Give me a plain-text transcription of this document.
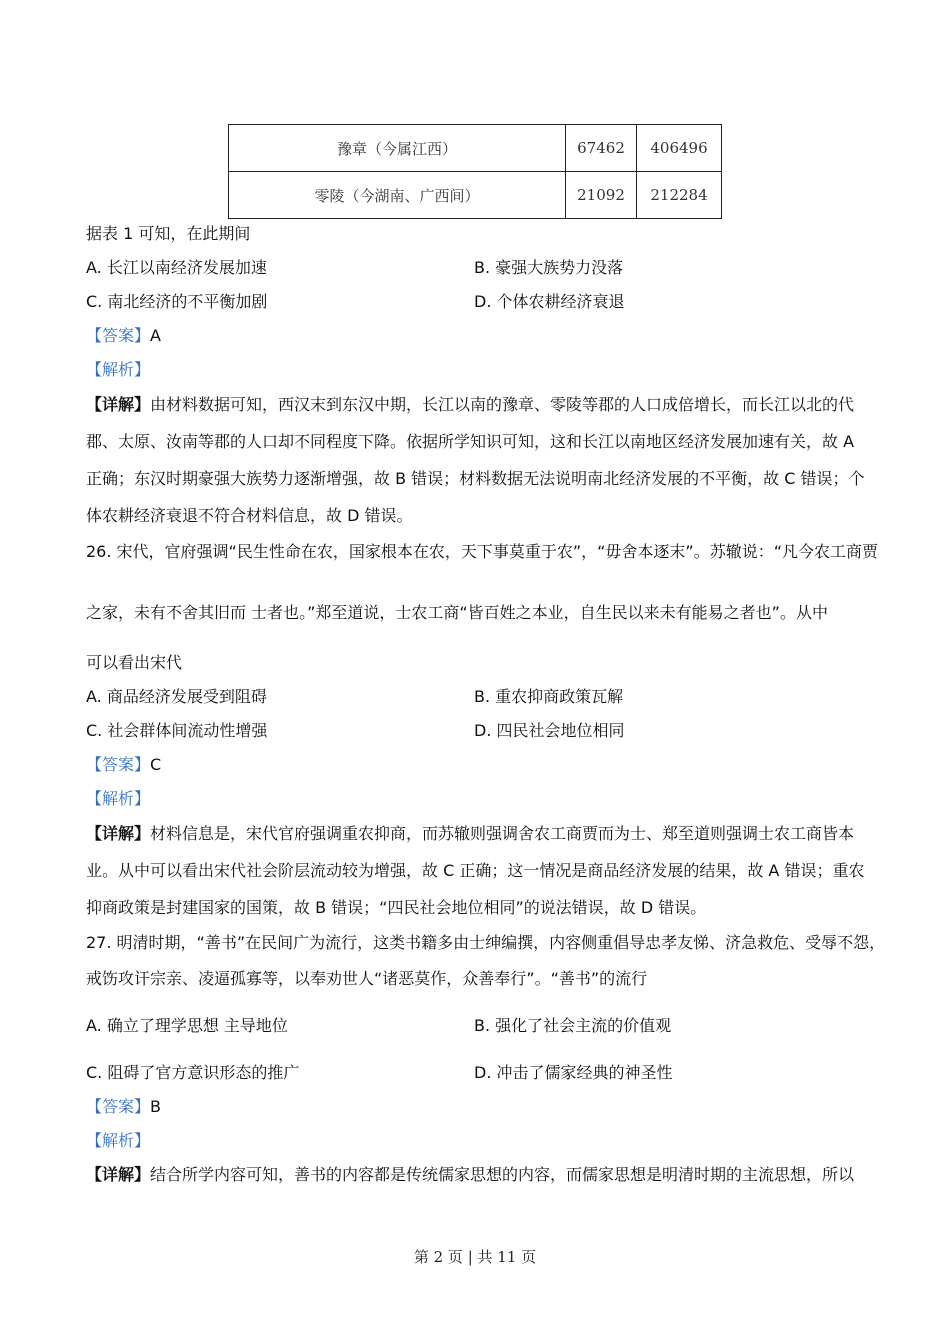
豫章（今属江西）	67462	406496
零陵（今湖南、广西间）	21092	212284
据表 1 可知，在此期间
A. 长江以南经济发展加速	B. 豪强大族势力没落
C. 南北经济的不平衡加剧	D. 个体农耕经济衰退
【答案】A
【解析】
【详解】由材料数据可知，西汉末到东汉中期，长江以南的豫章、零陵等郡的人口成倍增长，而长江以北的代
郡、太原、汝南等郡的人口却不同程度下降。依据所学知识可知，这和长江以南地区经济发展加速有关，故 A
正确；东汉时期豪强大族势力逐渐增强，故 B 错误；材料数据无法说明南北经济发展的不平衡，故 C 错误；个
体农耕经济衰退不符合材料信息，故 D 错误。
26. 宋代，官府强调“民生性命在农，国家根本在农，天下事莫重于农”，“毋舍本逐末”。苏辙说：“凡今农工商贾
之家，未有不舍其旧而 士者也。”郑至道说，士农工商“皆百姓之本业，自生民以来未有能易之者也”。从中
可以看出宋代
A. 商品经济发展受到阻碍	B. 重农抑商政策瓦解
C. 社会群体间流动性增强	D. 四民社会地位相同
【答案】C
【解析】
【详解】材料信息是，宋代官府强调重农抑商，而苏辙则强调舍农工商贾而为士、郑至道则强调士农工商皆本
业。从中可以看出宋代社会阶层流动较为增强，故 C 正确；这一情况是商品经济发展的结果，故 A 错误；重农
抑商政策是封建国家的国策，故 B 错误；“四民社会地位相同”的说法错误，故 D 错误。
27. 明清时期，“善书”在民间广为流行，这类书籍多由士绅编撰，内容侧重倡导忠孝友悌、济急救危、受辱不怨，
戒饬攻讦宗亲、凌逼孤寡等，以奉劝世人“诸恶莫作，众善奉行”。“善书”的流行
A. 确立了理学思想 主导地位	B. 强化了社会主流的价值观
C. 阻碍了官方意识形态的推广	D. 冲击了儒家经典的神圣性
【答案】B
【解析】
【详解】结合所学内容可知，善书的内容都是传统儒家思想的内容，而儒家思想是明清时期的主流思想，所以
第 2 页 | 共 11 页
